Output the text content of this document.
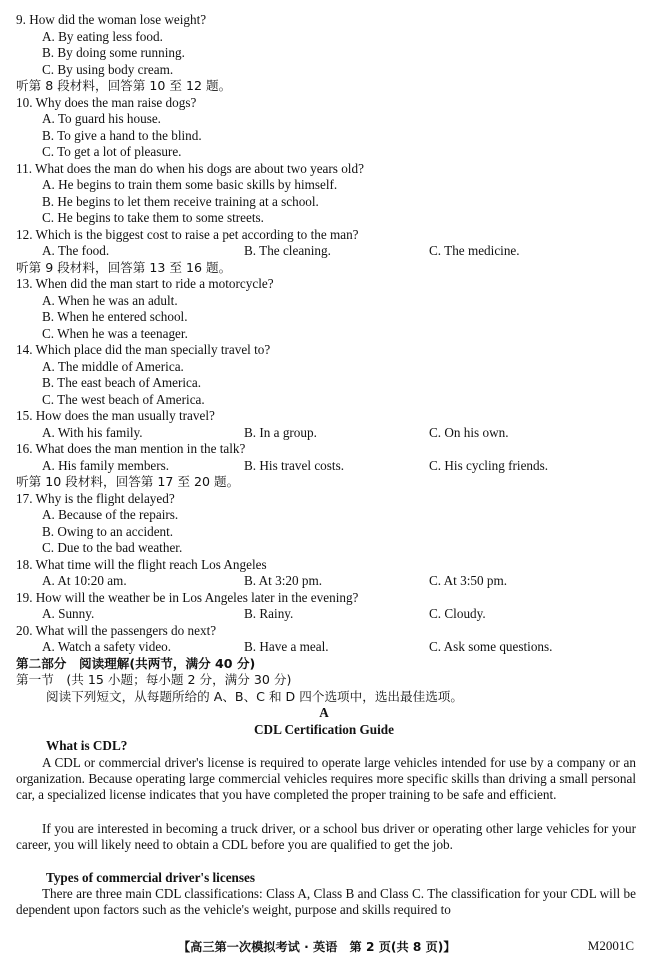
9. How did the woman lose weight?
A. By eating less food.
B. By doing some running.
C. By using body cream.
听第 8 段材料，回答第 10 至 12 题。
10. Why does the man raise dogs?
A. To guard his house.
B. To give a hand to the blind.
C. To get a lot of pleasure.
11. What does the man do when his dogs are about two years old?
A. He begins to train them some basic skills by himself.
B. He begins to let them receive training at a school.
C. He begins to take them to some streets.
12. Which is the biggest cost to raise a pet according to the man?
A. The food.	B. The cleaning.	C. The medicine.
听第 9 段材料，回答第 13 至 16 题。
13. When did the man start to ride a motorcycle?
A. When he was an adult.
B. When he entered school.
C. When he was a teenager.
14. Which place did the man specially travel to?
A. The middle of America.
B. The east beach of America.
C. The west beach of America.
15. How does the man usually travel?
A. With his family.	B. In a group.	C. On his own.
16. What does the man mention in the talk?
A. His family members.	B. His travel costs.	C. His cycling friends.
听第 10 段材料，回答第 17 至 20 题。
17. Why is the flight delayed?
A. Because of the repairs.
B. Owing to an accident.
C. Due to the bad weather.
18. What time will the flight reach Los Angeles
A. At 10:20 am.	B. At 3:20 pm.	C. At 3:50 pm.
19. How will the weather be in Los Angeles later in the evening?
A. Sunny.	B. Rainy.	C. Cloudy.
20. What will the passengers do next?
A. Watch a safety video.	B. Have a meal.	C. Ask some questions.
第二部分　阅读理解(共两节，满分 40 分)
第一节　(共 15 小题；每小题 2 分，满分 30 分)
阅读下列短文，从每题所给的 A、B、C 和 D 四个选项中，选出最佳选项。
A
CDL Certification Guide
What is CDL?
A CDL or commercial driver's license is required to operate large vehicles intended for use by a company or an organization. Because operating large commercial vehicles requires more specific skills than driving a small personal car, a specialized license indicates that you have completed the proper training to be safe and efficient.
If you are interested in becoming a truck driver, or a school bus driver or operating other large vehicles for your career, you will likely need to obtain a CDL before you are qualified to get the job.
Types of commercial driver's licenses
There are three main CDL classifications: Class A, Class B and Class C. The classification for your CDL will be dependent upon factors such as the vehicle's weight, purpose and skills required to
【高三第一次模拟考试 · 英语　第 2 页(共 8 页)】	M2001C
